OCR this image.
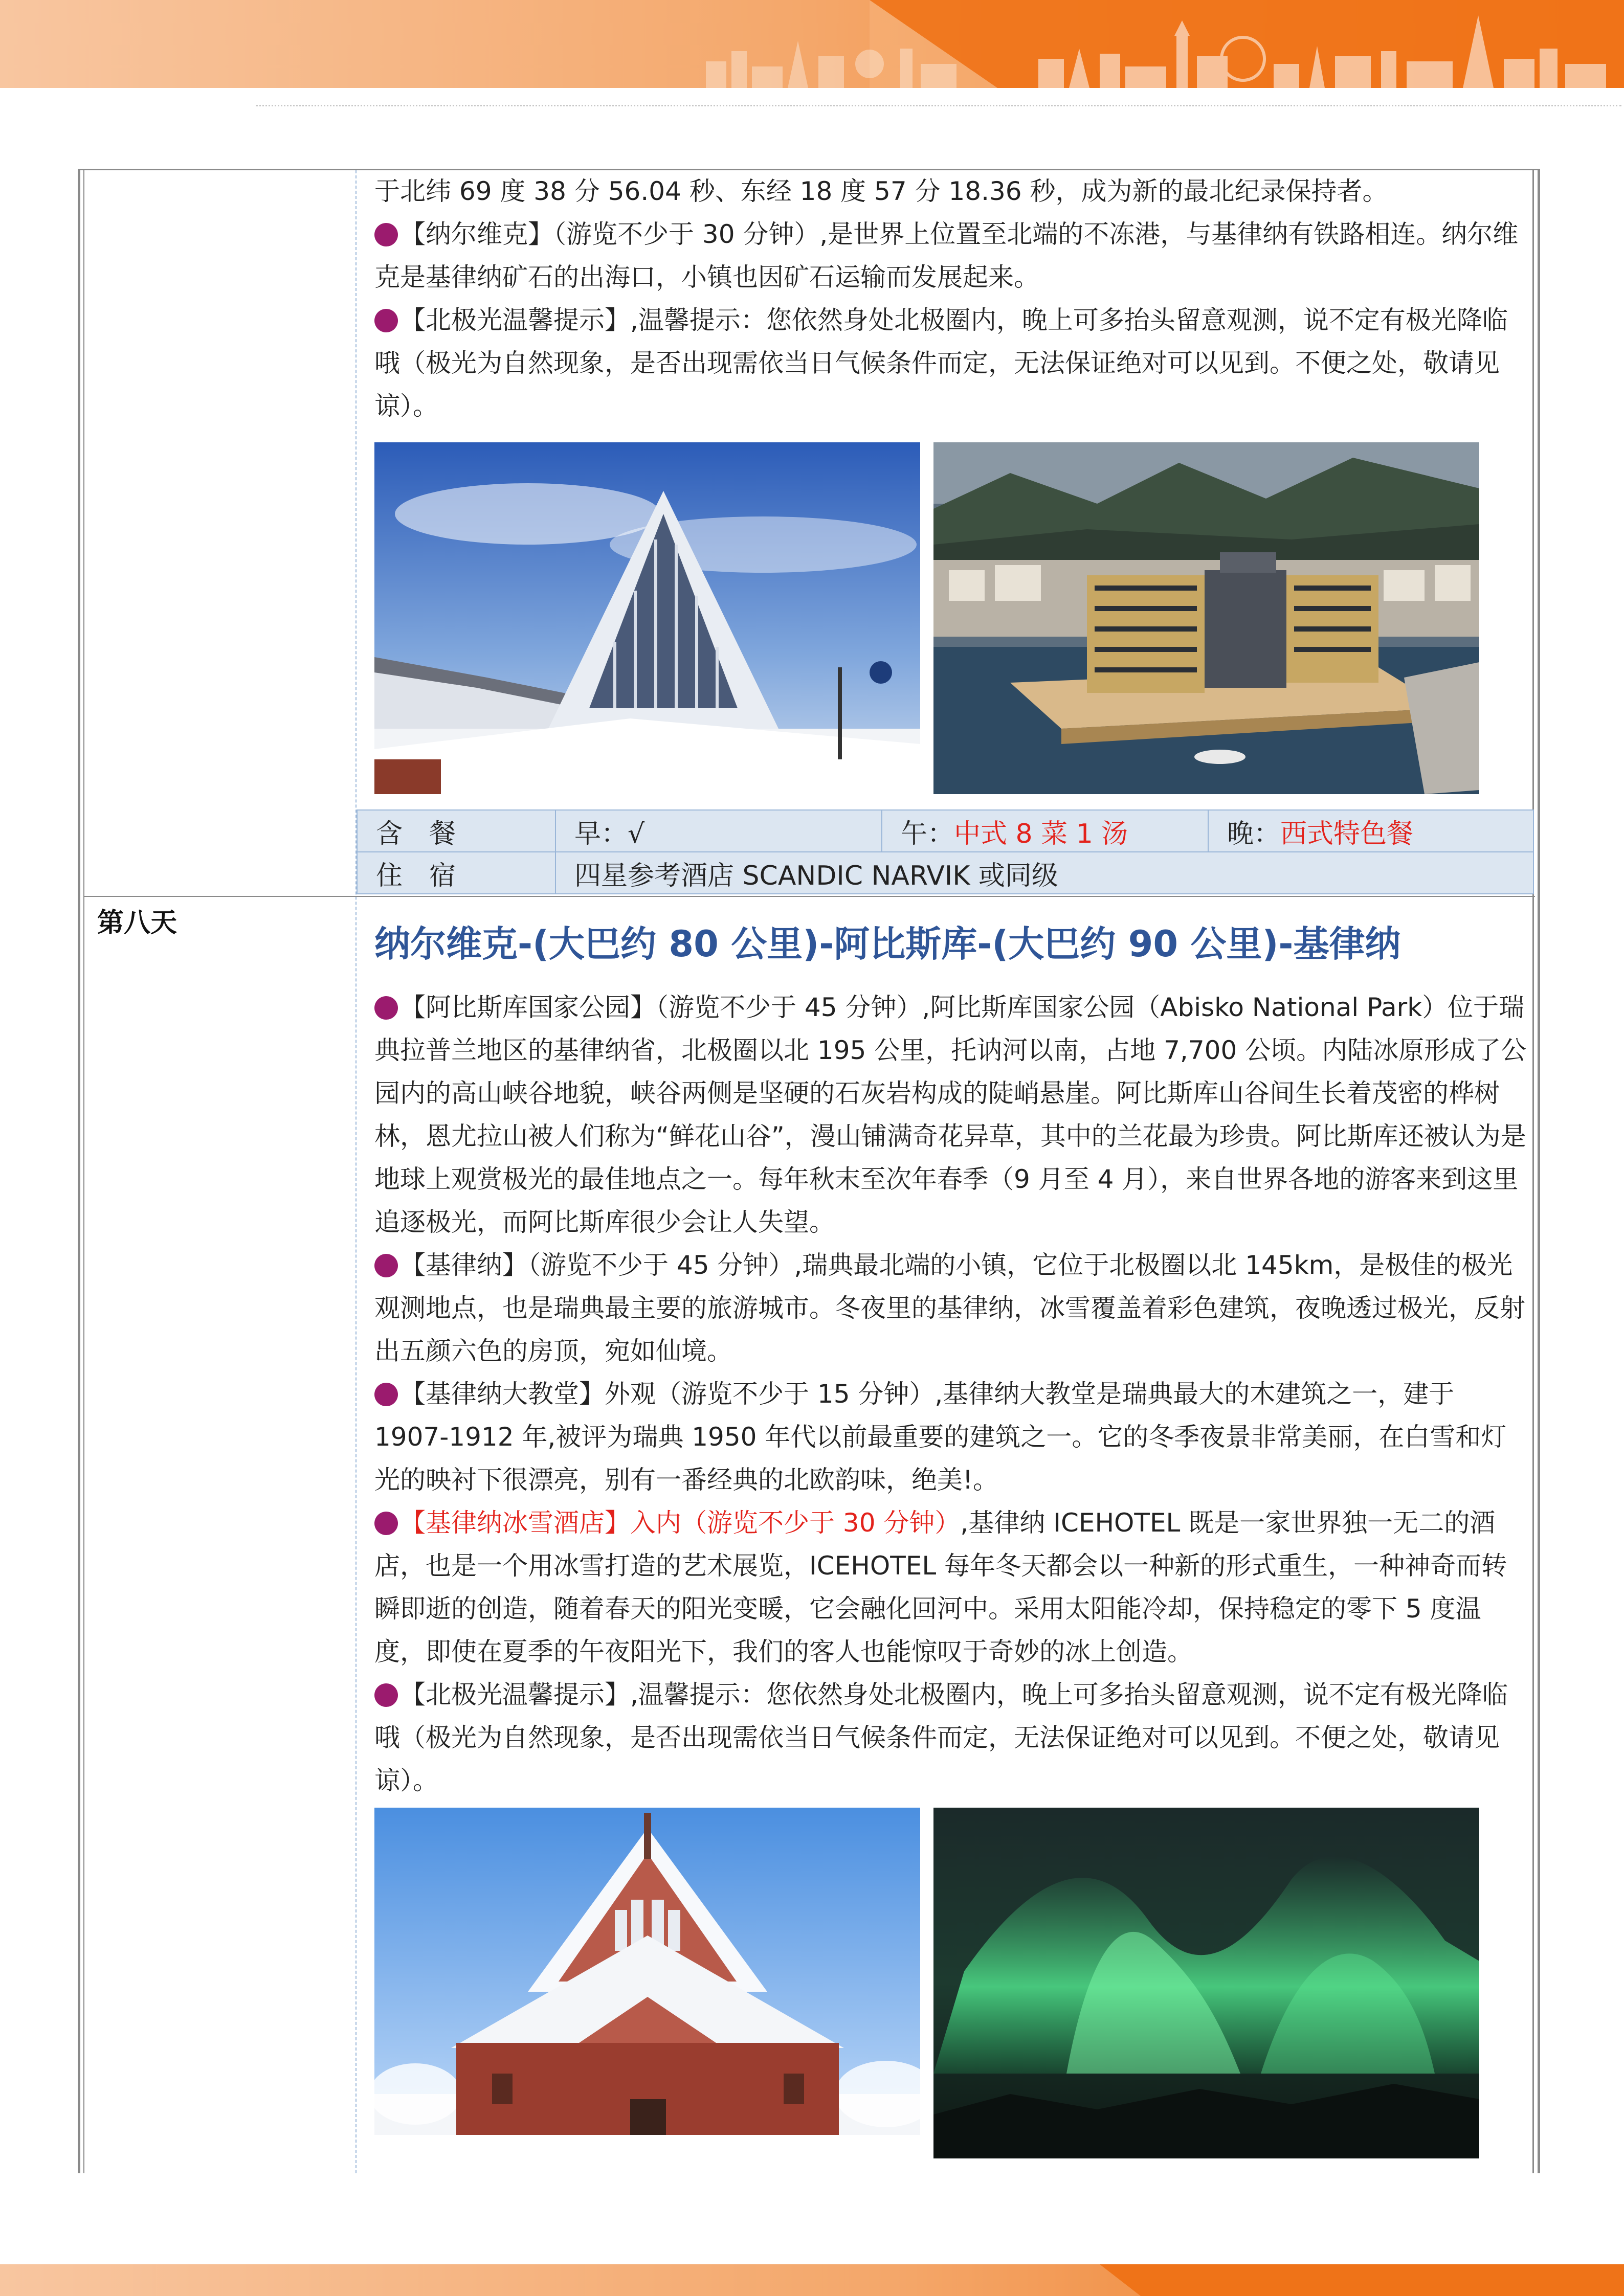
于北纬 69 度 38 分 56.04 秒、东经 18 度 57 分 18.36 秒，成为新的最北纪录保持者。

【纳尔维克】（游览不少于 30 分钟）,是世界上位置至北端的不冻港，与基律纳有铁路相连。纳尔维克是基律纳矿石的出海口，小镇也因矿石运输而发展起来。

【北极光温馨提示】,温馨提示：您依然身处北极圈内，晚上可多抬头留意观测，说不定有极光降临哦（极光为自然现象，是否出现需依当日气候条件而定，无法保证绝对可以见到。不便之处，敬请见谅）。

含　餐	早：√	午：中式 8 菜 1 汤	晚：西式特色餐
住　宿	四星参考酒店 SCANDIC NARVIK 或同级		
第八天	纳尔维克-(大巴约 80 公里)-阿比斯库-(大巴约 90 公里)-基律纳

【阿比斯库国家公园】（游览不少于 45 分钟）,阿比斯库国家公园（Abisko National Park）位于瑞典拉普兰地区的基律纳省，北极圈以北 195 公里，托讷河以南，占地 7,700 公顷。内陆冰原形成了公园内的高山峡谷地貌，峡谷两侧是坚硬的石灰岩构成的陡峭悬崖。阿比斯库山谷间生长着茂密的桦树林，恩尤拉山被人们称为“鲜花山谷”，漫山铺满奇花异草，其中的兰花最为珍贵。阿比斯库还被认为是地球上观赏极光的最佳地点之一。每年秋末至次年春季（9 月至 4 月），来自世界各地的游客来到这里追逐极光，而阿比斯库很少会让人失望。

【基律纳】（游览不少于 45 分钟）,瑞典最北端的小镇，它位于北极圈以北 145km，是极佳的极光观测地点，也是瑞典最主要的旅游城市。冬夜里的基律纳，冰雪覆盖着彩色建筑，夜晚透过极光，反射出五颜六色的房顶，宛如仙境。

【基律纳大教堂】外观（游览不少于 15 分钟）,基律纳大教堂是瑞典最大的木建筑之一，建于 1907-1912 年,被评为瑞典 1950 年代以前最重要的建筑之一。它的冬季夜景非常美丽，在白雪和灯光的映衬下很漂亮，别有一番经典的北欧韵味，绝美!。

【基律纳冰雪酒店】入内（游览不少于 30 分钟）,基律纳 ICEHOTEL 既是一家世界独一无二的酒店，也是一个用冰雪打造的艺术展览，ICEHOTEL 每年冬天都会以一种新的形式重生，一种神奇而转瞬即逝的创造，随着春天的阳光变暖，它会融化回河中。采用太阳能冷却，保持稳定的零下 5 度温度，即使在夏季的午夜阳光下，我们的客人也能惊叹于奇妙的冰上创造。

【北极光温馨提示】,温馨提示：您依然身处北极圈内，晚上可多抬头留意观测，说不定有极光降临哦（极光为自然现象，是否出现需依当日气候条件而定，无法保证绝对可以见到。不便之处，敬请见谅）。
